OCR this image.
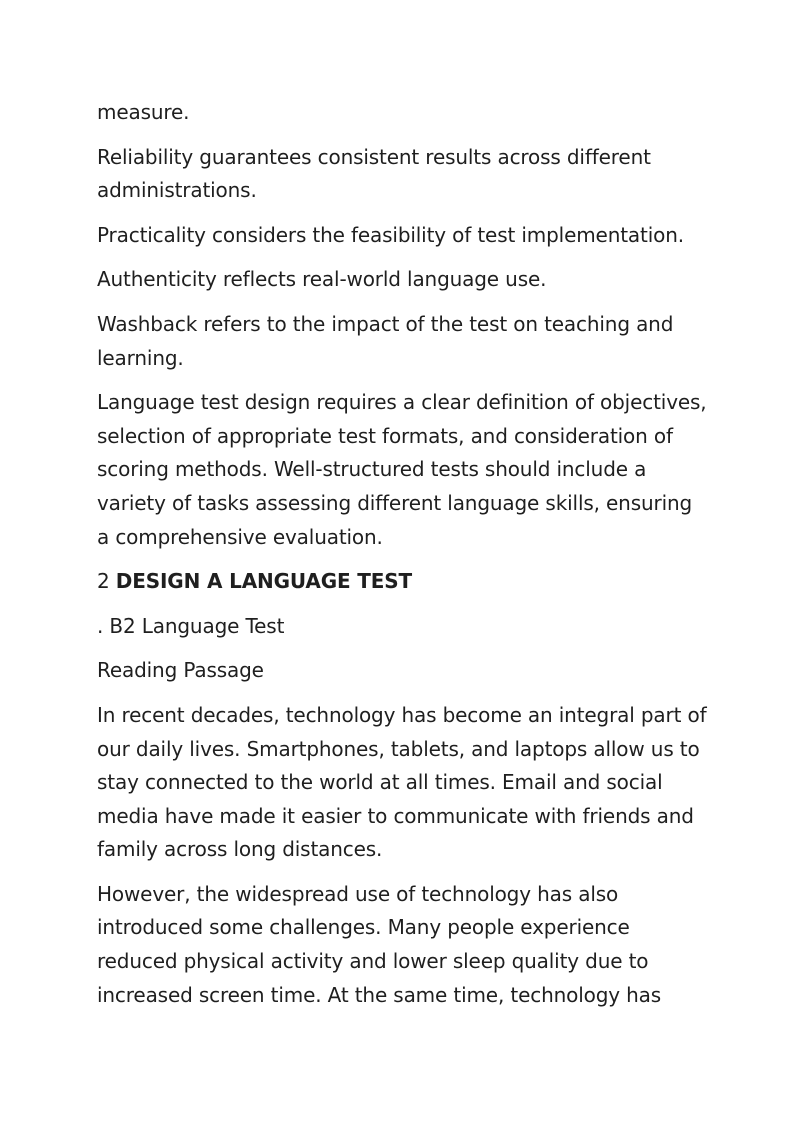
measure.

Reliability guarantees consistent results across different administrations.

Practicality considers the feasibility of test implementation.

Authenticity reflects real-world language use.

Washback refers to the impact of the test on teaching and learning.

Language test design requires a clear definition of objectives, selection of appropriate test formats, and consideration of scoring methods. Well-structured tests should include a variety of tasks assessing different language skills, ensuring a comprehensive evaluation.

2 DESIGN A LANGUAGE TEST

. B2 Language Test

Reading Passage

In recent decades, technology has become an integral part of our daily lives. Smartphones, tablets, and laptops allow us to stay connected to the world at all times. Email and social media have made it easier to communicate with friends and family across long distances.

However, the widespread use of technology has also introduced some challenges. Many people experience reduced physical activity and lower sleep quality due to increased screen time. At the same time, technology has
